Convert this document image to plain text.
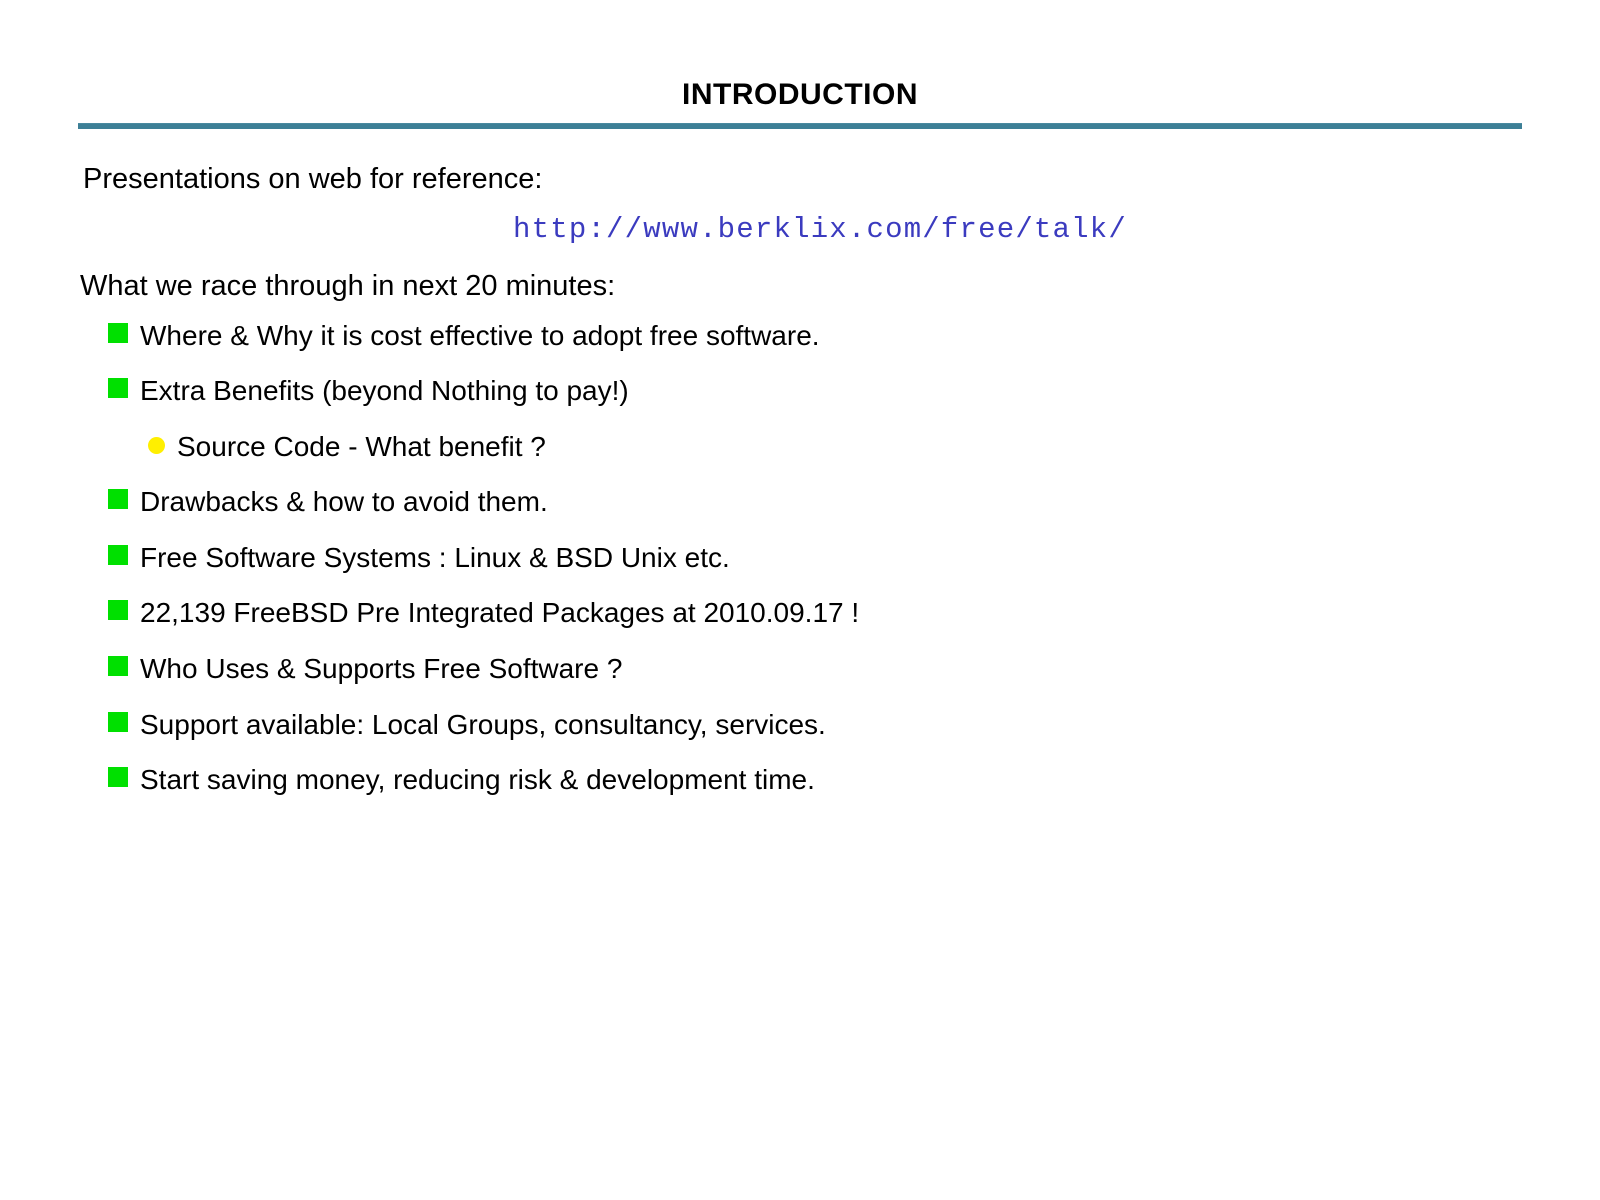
INTRODUCTION
Presentations on web for reference:
http://www.berklix.com/free/talk/
What we race through in next 20 minutes:
Where & Why it is cost effective to adopt free software.
Extra Benefits (beyond Nothing to pay!)
Source Code - What benefit ?
Drawbacks & how to avoid them.
Free Software Systems : Linux & BSD Unix etc.
22,139 FreeBSD Pre Integrated Packages at 2010.09.17 !
Who Uses & Supports Free Software ?
Support available: Local Groups, consultancy, services.
Start saving money, reducing risk & development time.
